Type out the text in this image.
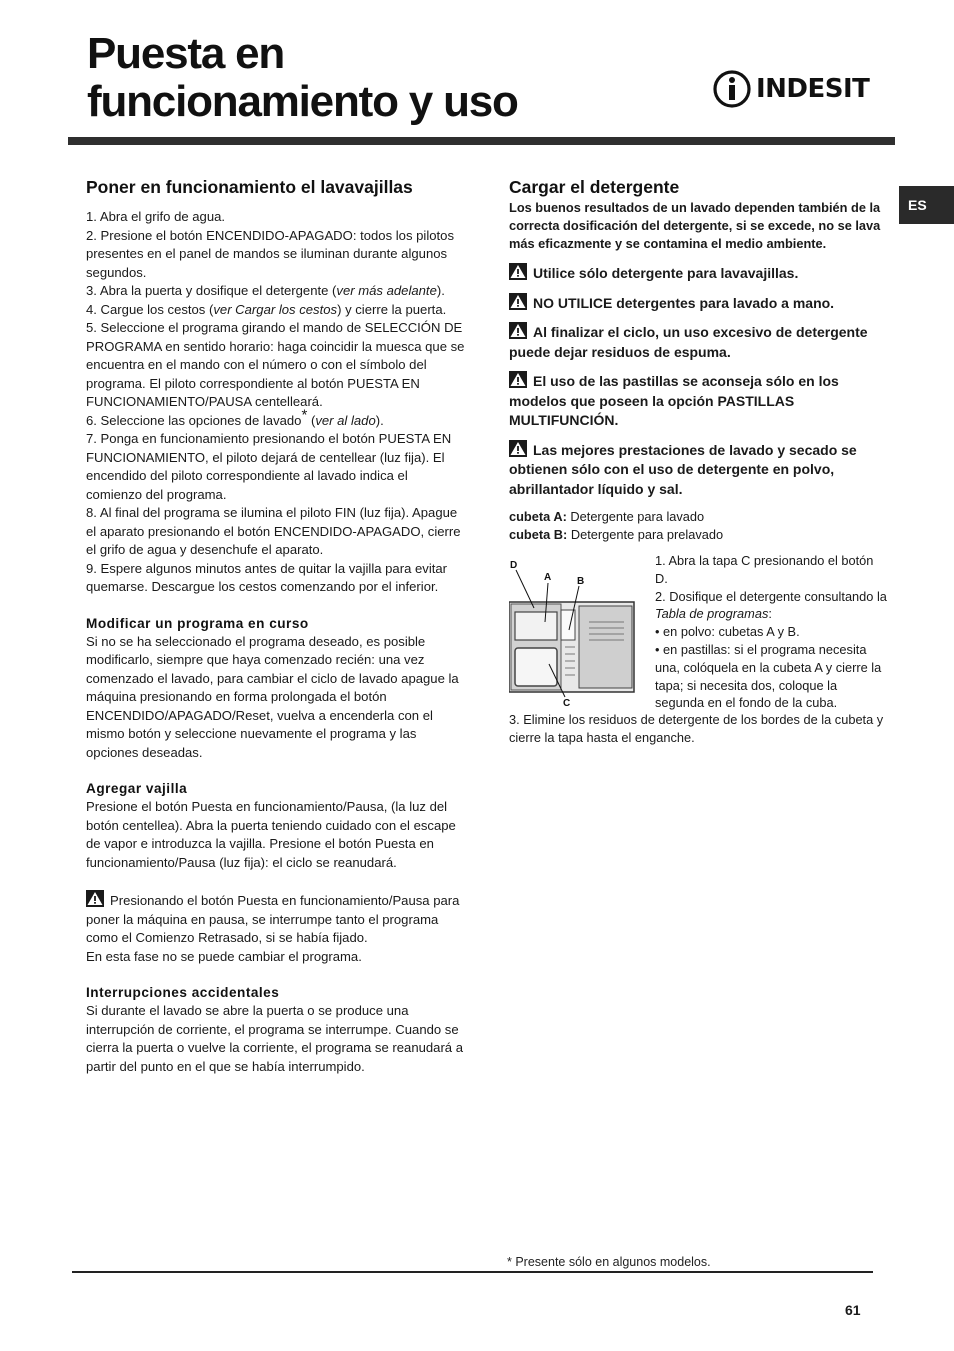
Puesta en
funcionamiento y uso	INDESIT
ES
Poner en funcionamiento el lavavajillas

1. Abra el grifo de agua.

2. Presione el botón ENCENDIDO-APAGADO: todos los pilotos presentes en el panel de mandos se iluminan durante algunos segundos.

3. Abra la puerta y dosifique el detergente (ver más adelante).

4. Cargue los cestos (ver Cargar los cestos) y cierre la puerta.

5. Seleccione el programa girando el mando de SELECCIÓN DE PROGRAMA en sentido horario: haga coincidir la muesca que se encuentra en el mando con el número o con el símbolo del programa. El piloto correspondiente al botón PUESTA EN FUNCIONAMIENTO/PAUSA centelleará.

6. Seleccione las opciones de lavado* (ver al lado).

7. Ponga en funcionamiento presionando el botón PUESTA EN FUNCIONAMIENTO, el piloto dejará de centellear (luz fija). El encendido del piloto correspondiente al lavado indica el comienzo del programa.

8. Al final del programa se ilumina el piloto FIN (luz fija). Apague el aparato presionando el botón ENCENDIDO-APAGADO, cierre el grifo de agua y desenchufe el aparato.

9. Espere algunos minutos antes de quitar la vajilla para evitar quemarse. Descargue los cestos comenzando por el inferior.

Modificar un programa en curso

Si no se ha seleccionado el programa deseado, es posible modificarlo, siempre que haya comenzado recién: una vez comenzado el lavado, para cambiar el ciclo de lavado apague la máquina presionando en forma prolongada el botón ENCENDIDO/APAGADO/Reset, vuelva a encenderla con el mismo botón y seleccione nuevamente el programa y las opciones deseadas.

Agregar vajilla

Presione el botón Puesta en funcionamiento/Pausa, (la luz del botón centellea). Abra la puerta teniendo cuidado con el escape de vapor e introduzca la vajilla. Presione el botón Puesta en funcionamiento/Pausa (luz fija): el ciclo se reanudará.

Presionando el botón Puesta en funcionamiento/Pausa para poner la máquina en pausa, se interrumpe tanto el programa como el Comienzo Retrasado, si se había fijado.

En esta fase no se puede cambiar el programa.

Interrupciones accidentales

Si durante el lavado se abre la puerta o se produce una interrupción de corriente, el programa se interrumpe. Cuando se cierra la puerta o vuelve la corriente, el programa se reanudará a partir del punto en el que se había interrumpido.

Cargar el detergente

Los buenos resultados de un lavado dependen también de la correcta dosificación del detergente, si se excede, no se lava más eficazmente y se contamina el medio ambiente.

Utilice sólo detergente para lavavajillas.

NO UTILICE detergentes para lavado a mano.

Al finalizar el ciclo, un uso excesivo de detergente puede dejar residuos de espuma.

El uso de las pastillas se aconseja sólo en los modelos que poseen la opción PASTILLAS MULTIFUNCIÓN.

Las mejores prestaciones de lavado y secado se obtienen sólo con el uso de detergente en polvo, abrillantador líquido y sal.

cubeta A: Detergente para lavado

cubeta B: Detergente para prelavado

D
A	B
C

1. Abra la tapa C presionando el botón D.

2. Dosifique el detergente consultando la Tabla de programas:

• en polvo: cubetas A y B.

• en pastillas: si el programa necesita una, colóquela en la cubeta A y cierre la tapa; si necesita dos, coloque la segunda en el fondo de la cuba.

3. Elimine los residuos de detergente de los bordes de la cubeta y cierre la tapa hasta el enganche.

* Presente sólo en algunos modelos.
61
